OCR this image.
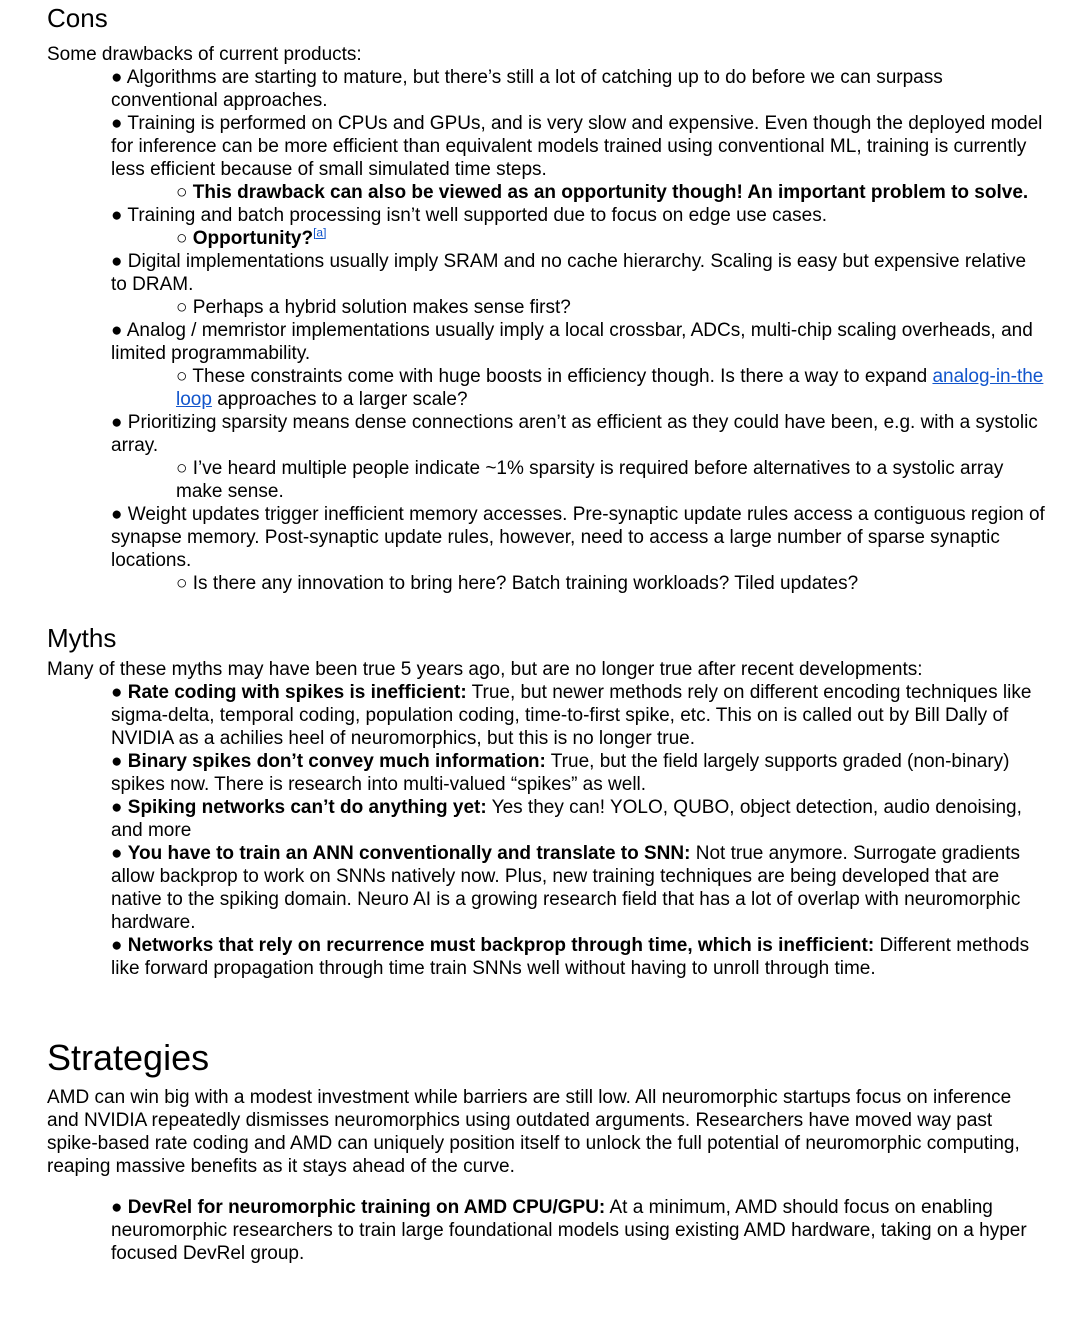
Cons

Some drawbacks of current products:

● Algorithms are starting to mature, but there’s still a lot of catching up to do before we can surpass conventional approaches.
● Training is performed on CPUs and GPUs, and is very slow and expensive. Even though the deployed model for inference can be more efficient than equivalent models trained using conventional ML, training is currently less efficient because of small simulated time steps.
○ This drawback can also be viewed as an opportunity though! An important problem to solve.
● Training and batch processing isn’t well supported due to focus on edge use cases.
○ Opportunity?[a]
● Digital implementations usually imply SRAM and no cache hierarchy. Scaling is easy but expensive relative to DRAM.
○ Perhaps a hybrid solution makes sense first?
● Analog / memristor implementations usually imply a local crossbar, ADCs, multi-chip scaling overheads, and limited programmability.
○ These constraints come with huge boosts in efficiency though. Is there a way to expand analog-in-the loop approaches to a larger scale?
● Prioritizing sparsity means dense connections aren’t as efficient as they could have been, e.g. with a systolic array.
○ I’ve heard multiple people indicate ~1% sparsity is required before alternatives to a systolic array make sense.
● Weight updates trigger inefficient memory accesses. Pre-synaptic update rules access a contiguous region of synapse memory. Post-synaptic update rules, however, need to access a large number of sparse synaptic locations.
○ Is there any innovation to bring here? Batch training workloads? Tiled updates?
Myths

Many of these myths may have been true 5 years ago, but are no longer true after recent developments:

● Rate coding with spikes is inefficient: True, but newer methods rely on different encoding techniques like sigma-delta, temporal coding, population coding, time-to-first spike, etc. This on is called out by Bill Dally of NVIDIA as a achilies heel of neuromorphics, but this is no longer true.
● Binary spikes don’t convey much information: True, but the field largely supports graded (non-binary) spikes now. There is research into multi-valued “spikes” as well.
● Spiking networks can’t do anything yet: Yes they can! YOLO, QUBO, object detection, audio denoising, and more
● You have to train an ANN conventionally and translate to SNN: Not true anymore. Surrogate gradients allow backprop to work on SNNs natively now. Plus, new training techniques are being developed that are native to the spiking domain. Neuro AI is a growing research field that has a lot of overlap with neuromorphic hardware.
● Networks that rely on recurrence must backprop through time, which is inefficient: Different methods like forward propagation through time train SNNs well without having to unroll through time.
Strategies

AMD can win big with a modest investment while barriers are still low. All neuromorphic startups focus on inference and NVIDIA repeatedly dismisses neuromorphics using outdated arguments. Researchers have moved way past spike-based rate coding and AMD can uniquely position itself to unlock the full potential of neuromorphic computing, reaping massive benefits as it stays ahead of the curve.

● DevRel for neuromorphic training on AMD CPU/GPU: At a minimum, AMD should focus on enabling neuromorphic researchers to train large foundational models using existing AMD hardware, taking on a hyper focused DevRel group.
